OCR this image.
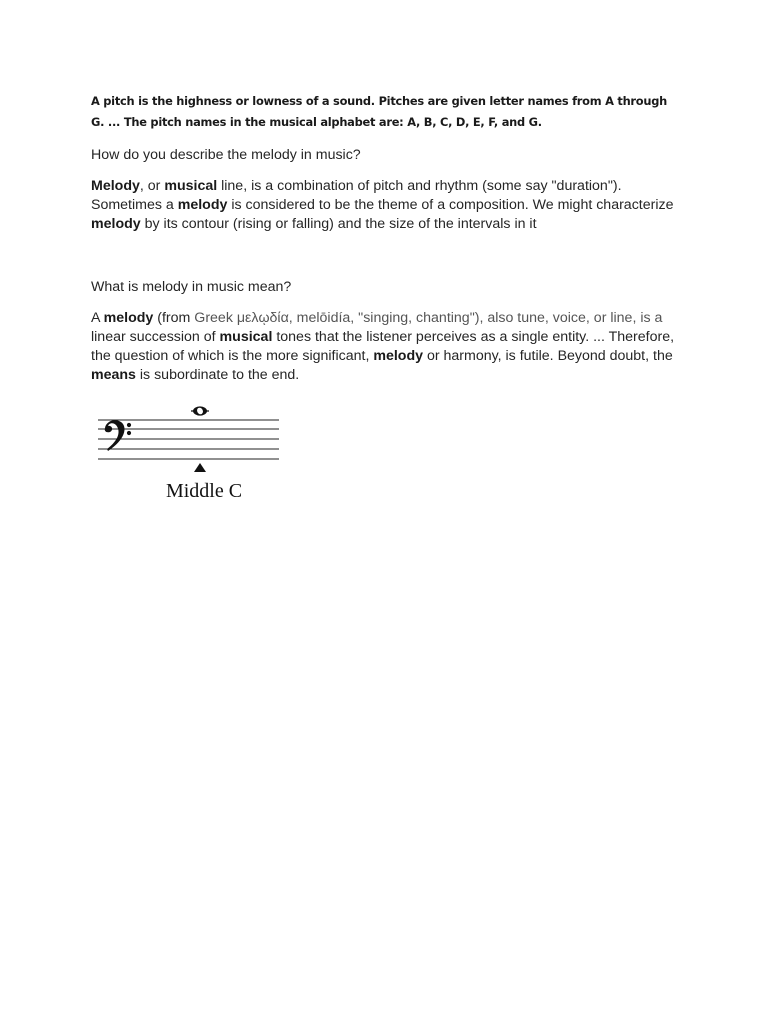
A pitch is the highness or lowness of a sound. Pitches are given letter names from A through G. ... The pitch names in the musical alphabet are: A, B, C, D, E, F, and G.

How do you describe the melody in music?

Melody, or musical line, is a combination of pitch and rhythm (some say "duration"). Sometimes a melody is considered to be the theme of a composition. We might characterize melody by its contour (rising or falling) and the size of the intervals in it

What is melody in music mean?

A melody (from Greek μελῳδία, melōidía, "singing, chanting"), also tune, voice, or line, is a linear succession of musical tones that the listener perceives as a single entity. ... Therefore, the question of which is the more significant, melody or harmony, is futile. Beyond doubt, the means is subordinate to the end.

Middle C
